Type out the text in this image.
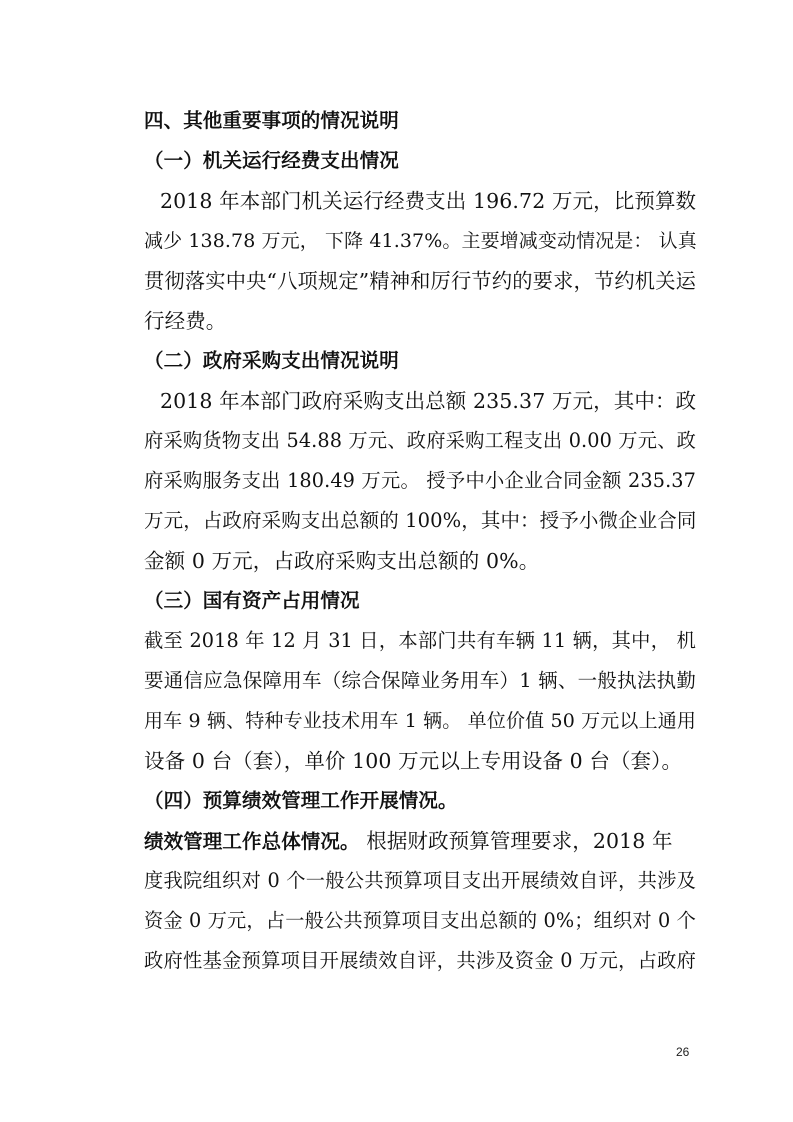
四、其他重要事项的情况说明
（一）机关运行经费支出情况
2018 年本部门机关运行经费支出 196.72 万元，比预算数
减少 138.78 万元， 下降 41.37%。主要增减变动情况是： 认真
贯彻落实中央“八项规定”精神和厉行节约的要求，节约机关运
行经费。
（二）政府采购支出情况说明
2018 年本部门政府采购支出总额 235.37 万元，其中：政
府采购货物支出 54.88 万元、政府采购工程支出 0.00 万元、政
府采购服务支出 180.49 万元。 授予中小企业合同金额 235.37
万元，占政府采购支出总额的 100%，其中：授予小微企业合同
金额 0 万元，占政府采购支出总额的 0%。
（三）国有资产占用情况
截至 2018 年 12 月 31 日，本部门共有车辆 11 辆，其中， 机
要通信应急保障用车（综合保障业务用车）1 辆、一般执法执勤
用车 9 辆、特种专业技术用车 1 辆。 单位价值 50 万元以上通用
设备 0 台（套），单价 100 万元以上专用设备 0 台（套）。
（四）预算绩效管理工作开展情况。
绩效管理工作总体情况。 根据财政预算管理要求，2018 年
度我院组织对 0 个一般公共预算项目支出开展绩效自评，共涉及
资金 0 万元，占一般公共预算项目支出总额的 0%；组织对 0 个
政府性基金预算项目开展绩效自评，共涉及资金 0 万元，占政府
26
